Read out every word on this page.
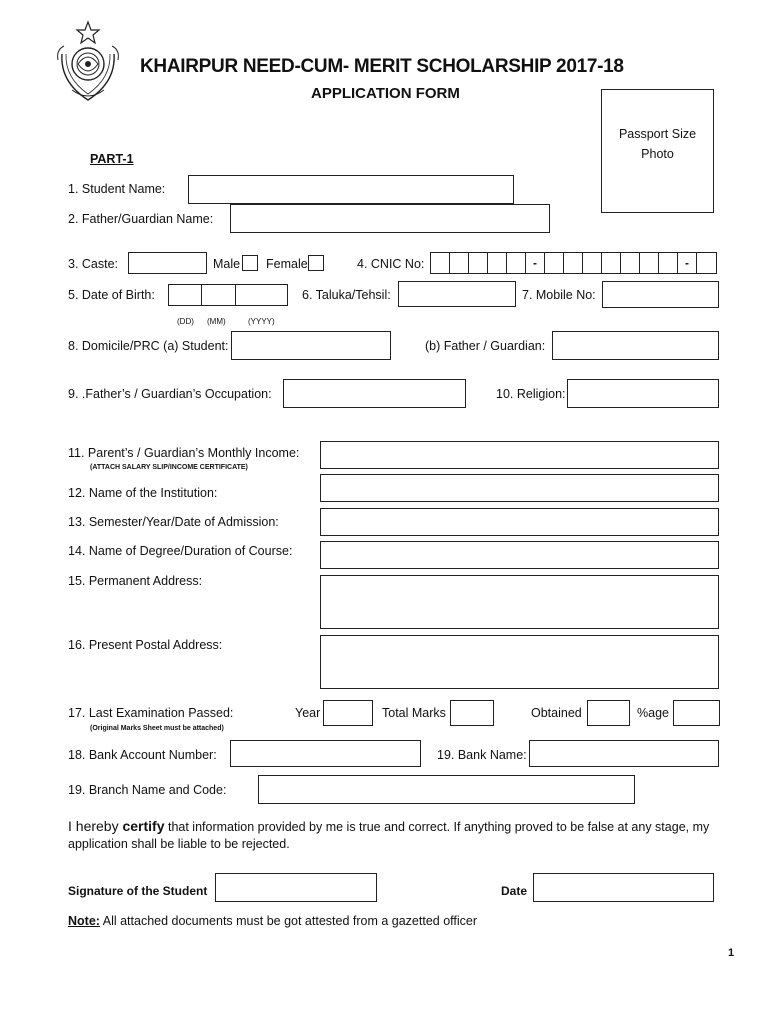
KHAIRPUR NEED-CUM- MERIT SCHOLARSHIP 2017-18
APPLICATION FORM
Passport Size
Photo
PART-1
1. Student Name:
2. Father/Guardian Name:
3. Caste:	Male Female	4. CNIC No:	-	-
5. Date of Birth:
(DD) (MM)	(YYYY)
6. Taluka/Tehsil:	7. Mobile No:
8. Domicile/PRC (a) Student:	(b) Father / Guardian:
9. .Father’s / Guardian’s Occupation:	10. Religion:
11. Parent’s / Guardian’s Monthly Income:
(ATTACH SALARY SLIP/INCOME CERTIFICATE)
12. Name of the Institution:
13. Semester/Year/Date of Admission:
14. Name of Degree/Duration of Course:
15. Permanent Address:
16. Present Postal Address:
17. Last Examination Passed:
(Original Marks Sheet must be attached)
Year	Total Marks	Obtained	%age
18. Bank Account Number:	19. Bank Name:
19. Branch Name and Code:
I hereby certify that information provided by me is true and correct. If anything proved to be false at any stage, my
application shall be liable to be rejected.
Signature of the Student	Date
Note: All attached documents must be got attested from a gazetted officer
1
